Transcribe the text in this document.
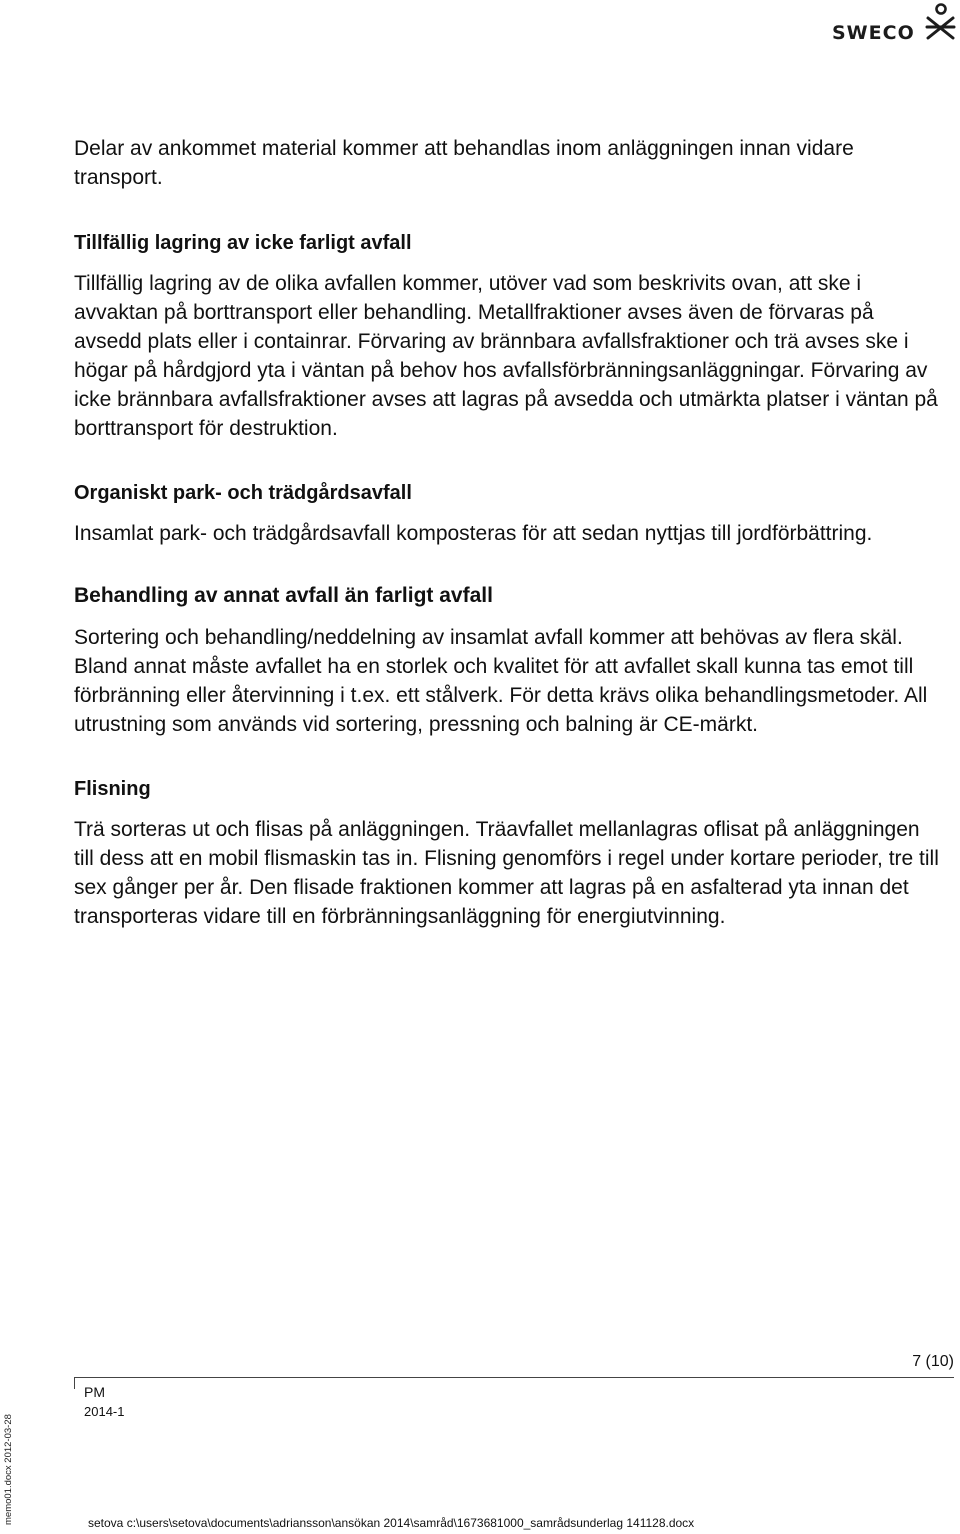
SWECO

Delar av ankommet material kommer att behandlas inom anläggningen innan vidare transport.

Tillfällig lagring av icke farligt avfall

Tillfällig lagring av de olika avfallen kommer, utöver vad som beskrivits ovan, att ske i avvaktan på borttransport eller behandling. Metallfraktioner avses även de förvaras på avsedd plats eller i containrar. Förvaring av brännbara avfallsfraktioner och trä avses ske i högar på hårdgjord yta i väntan på behov hos avfallsförbränningsanläggningar. Förvaring av icke brännbara avfallsfraktioner avses att lagras på avsedda och utmärkta platser i väntan på borttransport för destruktion.

Organiskt park- och trädgårdsavfall

Insamlat park- och trädgårdsavfall komposteras för att sedan nyttjas till jordförbättring.

Behandling av annat avfall än farligt avfall

Sortering och behandling/neddelning av insamlat avfall kommer att behövas av flera skäl. Bland annat måste avfallet ha en storlek och kvalitet för att avfallet skall kunna tas emot till förbränning eller återvinning i t.ex. ett stålverk. För detta krävs olika behandlingsmetoder. All utrustning som används vid sortering, pressning och balning är CE-märkt.

Flisning

Trä sorteras ut och flisas på anläggningen. Träavfallet mellanlagras oflisat på anläggningen till dess att en mobil flismaskin tas in. Flisning genomförs i regel under kortare perioder, tre till sex gånger per år. Den flisade fraktionen kommer att lagras på en asfalterad yta innan det transporteras vidare till en förbränningsanläggning för energiutvinning.

memo01.docx 2012-03-28
7 (10)
PM
2014-1
setova c:\users\setova\documents\adriansson\ansökan 2014\samråd\1673681000_samrådsunderlag 141128.docx
